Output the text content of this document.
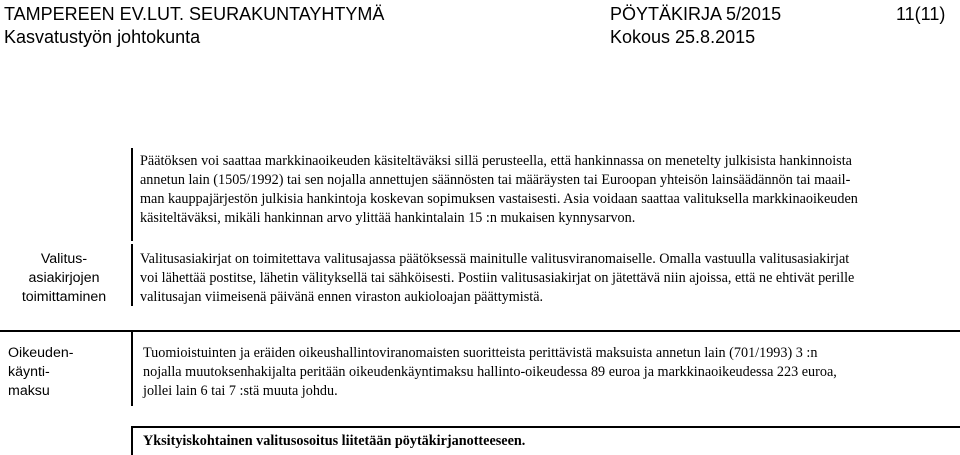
TAMPEREEN EV.LUT. SEURAKUNTAYHTYMÄ	PÖYTÄKIRJA 5/2015	11(11)
Kasvatustyön johtokunta	Kokous 25.8.2015
Päätöksen voi saattaa markkinaoikeuden käsiteltäväksi sillä perusteella, että hankinnassa on menetelty julkisista hankinnoista
annetun lain (1505/1992) tai sen nojalla annettujen säännösten tai määräysten tai Euroopan yhteisön lainsäädännön tai maail-
man kauppajärjestön julkisia hankintoja koskevan sopimuksen vastaisesti. Asia voidaan saattaa valituksella markkinaoikeuden
käsiteltäväksi, mikäli hankinnan arvo ylittää hankintalain 15 :n mukaisen kynnysarvon.
Valitus-
asiakirjojen
toimittaminen
Valitusasiakirjat on toimitettava valitusajassa päätöksessä mainitulle valitusviranomaiselle. Omalla vastuulla valitusasiakirjat
voi lähettää postitse, lähetin välityksellä tai sähköisesti. Postiin valitusasiakirjat on jätettävä niin ajoissa, että ne ehtivät perille
valitusajan viimeisenä päivänä ennen viraston aukioloajan päättymistä.
Oikeuden-
käynti-
maksu
Tuomioistuinten ja eräiden oikeushallintoviranomaisten suoritteista perittävistä maksuista annetun lain (701/1993) 3 :n
nojalla muutoksenhakijalta peritään oikeudenkäyntimaksu hallinto-oikeudessa 89 euroa ja markkinaoikeudessa 223 euroa,
jollei lain 6 tai 7 :stä muuta johdu.
Yksityiskohtainen valitusosoitus liitetään pöytäkirjanotteeseen.
